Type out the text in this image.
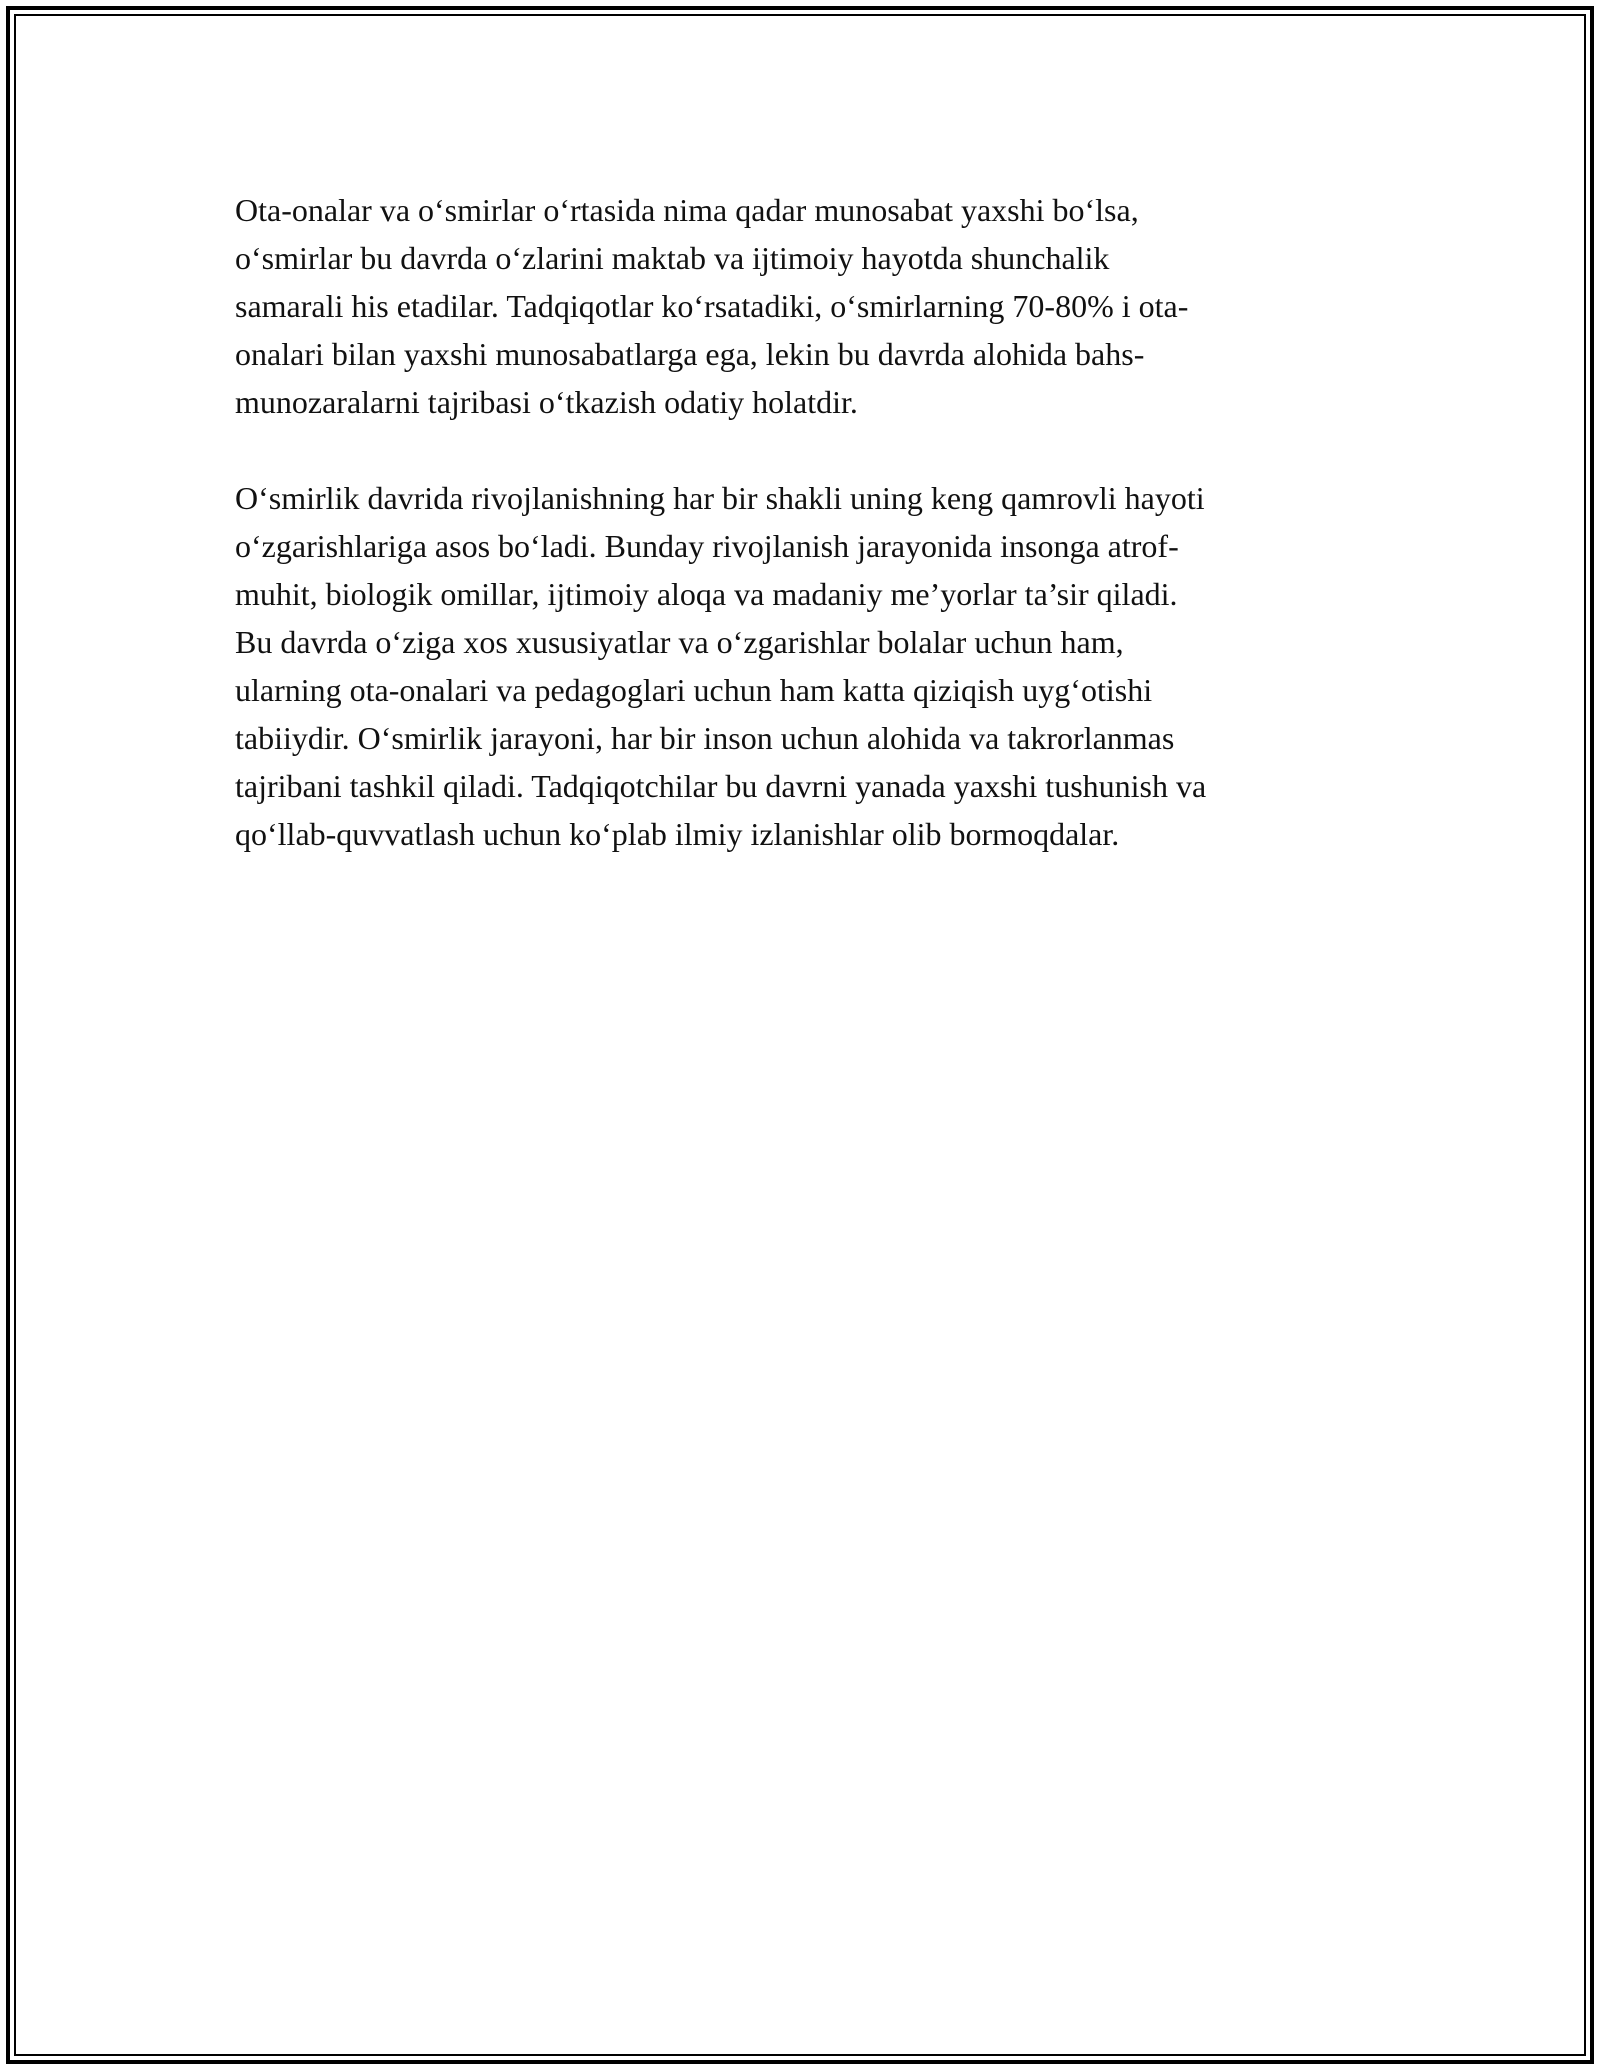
Ota-onalar va o‘smirlar o‘rtasida nima qadar munosabat yaxshi bo‘lsa,
o‘smirlar bu davrda o‘zlarini maktab va ijtimoiy hayotda shunchalik
samarali his etadilar. Tadqiqotlar ko‘rsatadiki, o‘smirlarning 70-80% i ota-
onalari bilan yaxshi munosabatlarga ega, lekin bu davrda alohida bahs-
munozaralarni tajribasi o‘tkazish odatiy holatdir.

O‘smirlik davrida rivojlanishning har bir shakli uning keng qamrovli hayoti
o‘zgarishlariga asos bo‘ladi. Bunday rivojlanish jarayonida insonga atrof-
muhit, biologik omillar, ijtimoiy aloqa va madaniy me’yorlar ta’sir qiladi.
Bu davrda o‘ziga xos xususiyatlar va o‘zgarishlar bolalar uchun ham,
ularning ota-onalari va pedagoglari uchun ham katta qiziqish uyg‘otishi
tabiiydir. O‘smirlik jarayoni, har bir inson uchun alohida va takrorlanmas
tajribani tashkil qiladi. Tadqiqotchilar bu davrni yanada yaxshi tushunish va
qo‘llab-quvvatlash uchun ko‘plab ilmiy izlanishlar olib bormoqdalar.
